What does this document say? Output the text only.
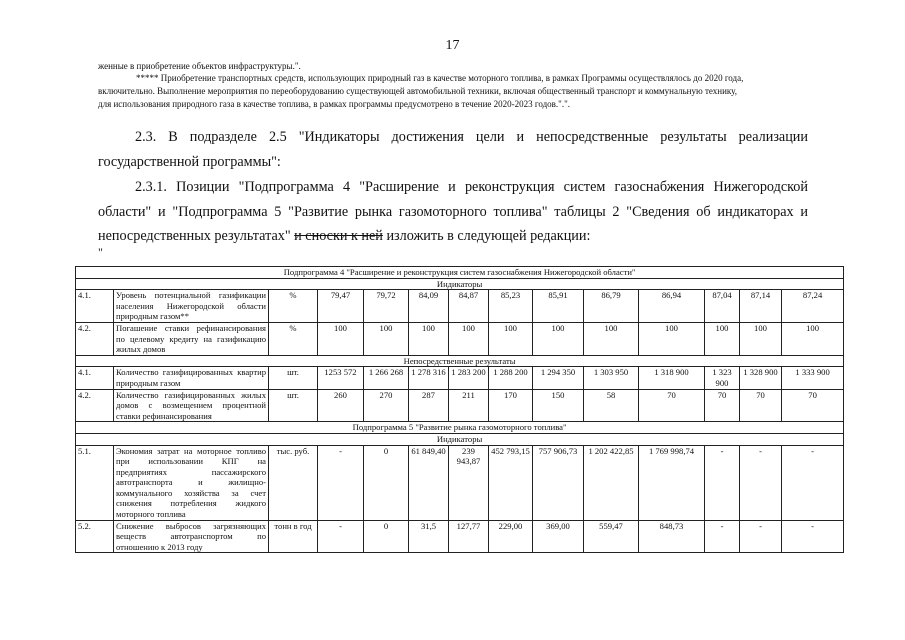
17
женные в приобретение объектов инфраструктуры.".
***** Приобретение транспортных средств, использующих природный газ в качестве моторного топлива, в рамках Программы осуществлялось до 2020 года,
включительно. Выполнение мероприятия по переоборудованию существующей автомобильной техники, включая общественный транспорт и коммунальную технику,
для использования природного газа в качестве топлива, в рамках программы предусмотрено в течение 2020-2023 годов.".".
2.3. В подразделе 2.5 "Индикаторы достижения цели и непосредственные результаты реализации государственной программы":
2.3.1. Позиции "Подпрограмма 4 "Расширение и реконструкция систем газоснабжения Нижегородской области" и "Подпрограмма 5 "Развитие рынка газомоторного топлива" таблицы 2 "Сведения об индикаторах и непосредственных результатах" и сноски к ней изложить в следующей редакции:
"
Подпрограмма 4 "Расширение и реконструкция систем газоснабжения Нижегородской области"													
Индикаторы													
4.1.	Уровень потенциальной газификации населения Нижегородской области природным газом**	%	79,47	79,72	84,09	84,87	85,23	85,91	86,79	86,94	87,04	87,14	87,24
4.2.	Погашение ставки рефинансирования по целевому кредиту на газификацию жилых домов	%	100	100	100	100	100	100	100	100	100	100	100
Непосредственные результаты													
4.1.	Количество газифицированных квартир природным газом	шт.	1253 572	1 266 268	1 278 316	1 283 200	1 288 200	1 294 350	1 303 950	1 318 900	1 323 900	1 328 900	1 333 900
4.2.	Количество газифицированных жилых домов с возмещением процентной ставки рефинансирования	шт.	260	270	287	211	170	150	58	70	70	70	70
Подпрограмма 5 "Развитие рынка газомоторного топлива"													
Индикаторы													
5.1.	Экономия затрат на моторное топливо при использовании КПГ на предприятиях пассажирского автотранспорта и жилищно-коммунального хозяйства за счет снижения потребления жидкого моторного топлива	тыс. руб.	-	0	61 849,40	239 943,87	452 793,15	757 906,73	1 202 422,85	1 769 998,74	-	-	-
5.2.	Снижение выбросов загрязняющих веществ автотранспортом по отношению к 2013 году	тонн в год	-	0	31,5	127,77	229,00	369,00	559,47	848,73	-	-	-
